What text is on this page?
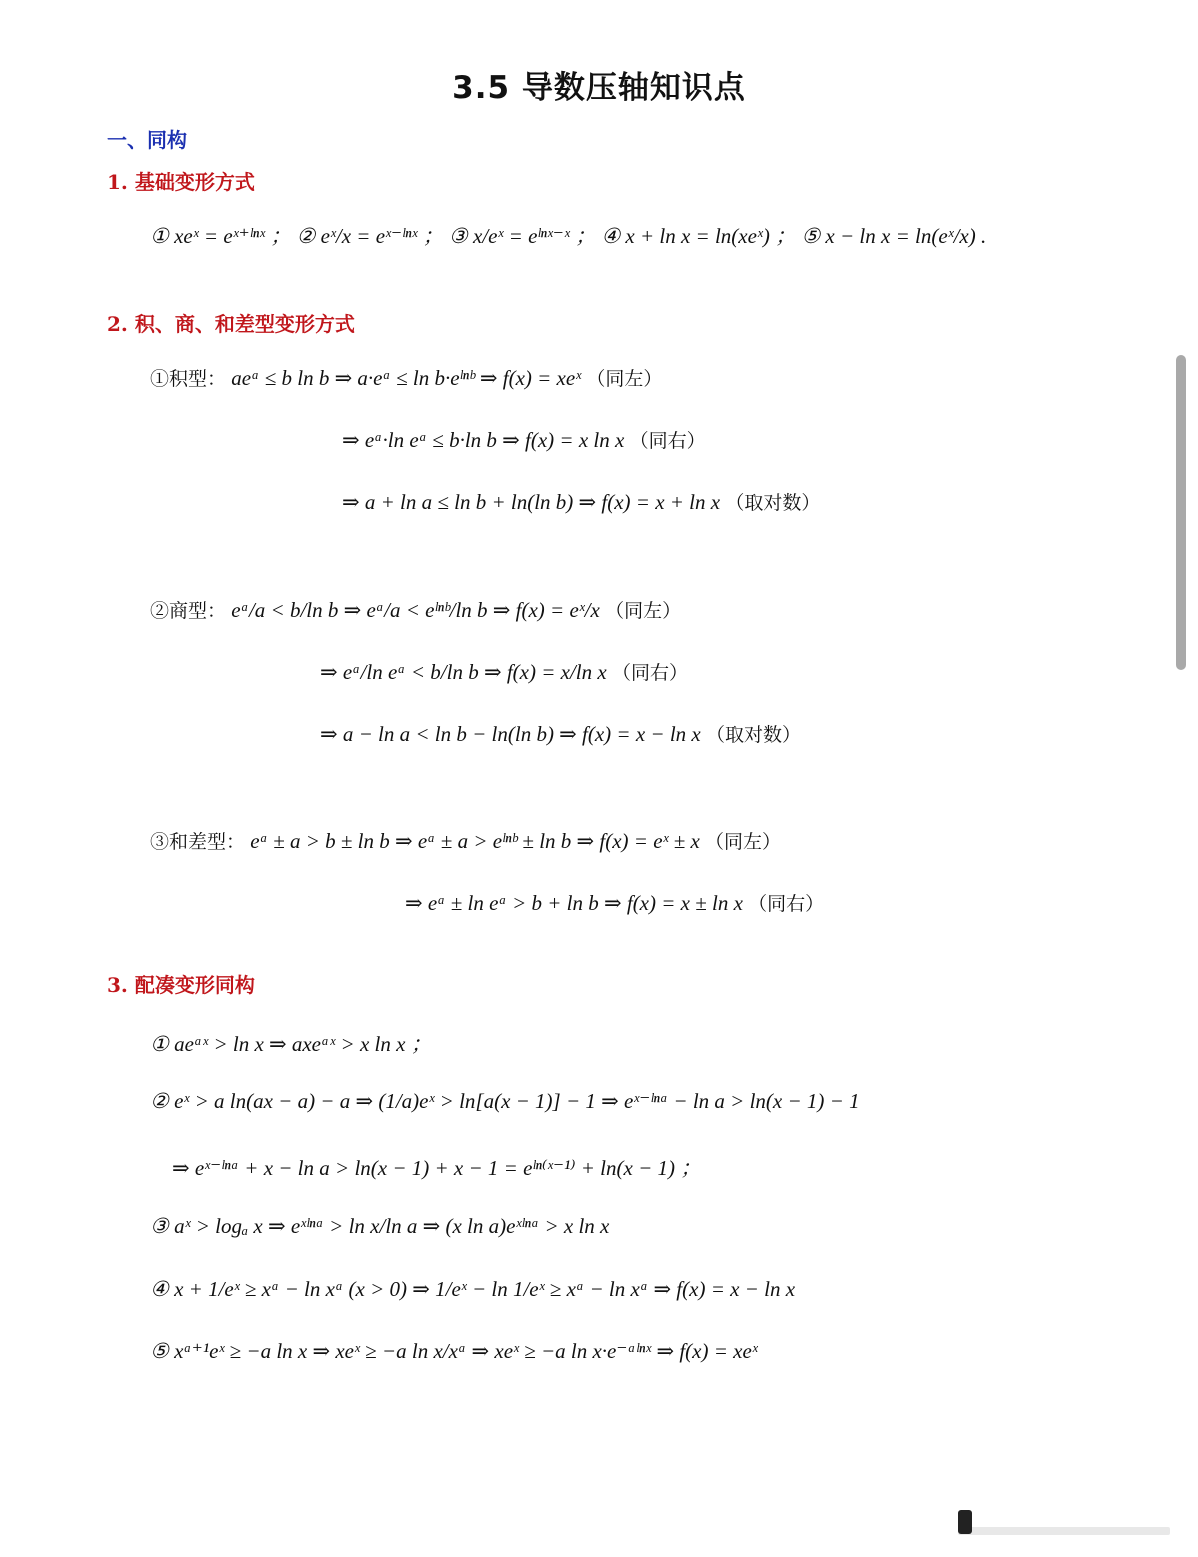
3.5 导数压轴知识点
一、同构
1. 基础变形方式
① xeˣ = eˣ⁺ˡⁿˣ ； ② eˣ/x = eˣ⁻ˡⁿˣ ； ③ x/eˣ = eˡⁿˣ⁻ˣ ； ④ x + ln x = ln(xeˣ) ； ⑤ x − ln x = ln(eˣ/x) .
2. 积、商、和差型变形方式
①积型： aeᵃ ≤ b ln b ⇒ a·eᵃ ≤ ln b·eˡⁿᵇ ⇒ f(x) = xeˣ （同左）
⇒ eᵃ·ln eᵃ ≤ b·ln b ⇒ f(x) = x ln x （同右）
⇒ a + ln a ≤ ln b + ln(ln b) ⇒ f(x) = x + ln x （取对数）
②商型： eᵃ/a < b/ln b ⇒ eᵃ/a < eˡⁿᵇ/ln b ⇒ f(x) = eˣ/x （同左）
⇒ eᵃ/ln eᵃ < b/ln b ⇒ f(x) = x/ln x （同右）
⇒ a − ln a < ln b − ln(ln b) ⇒ f(x) = x − ln x （取对数）
③和差型： eᵃ ± a > b ± ln b ⇒ eᵃ ± a > eˡⁿᵇ ± ln b ⇒ f(x) = eˣ ± x （同左）
⇒ eᵃ ± ln eᵃ > b + ln b ⇒ f(x) = x ± ln x （同右）
3. 配凑变形同构
① aeᵃˣ > ln x ⇒ axeᵃˣ > x ln x ；
② eˣ > a ln(ax − a) − a ⇒ (1/a)eˣ > ln[a(x − 1)] − 1 ⇒ eˣ⁻ˡⁿᵃ − ln a > ln(x − 1) − 1
⇒ eˣ⁻ˡⁿᵃ + x − ln a > ln(x − 1) + x − 1 = eˡⁿ⁽ˣ⁻¹⁾ + ln(x − 1) ；
③ aˣ > logₐ x ⇒ eˣˡⁿᵃ > ln x/ln a ⇒ (x ln a)eˣˡⁿᵃ > x ln x
④ x + 1/eˣ ≥ xᵃ − ln xᵃ (x > 0) ⇒ 1/eˣ − ln 1/eˣ ≥ xᵃ − ln xᵃ ⇒ f(x) = x − ln x
⑤ xᵃ⁺¹eˣ ≥ −a ln x ⇒ xeˣ ≥ −a ln x/xᵃ ⇒ xeˣ ≥ −a ln x·e⁻ᵃˡⁿˣ ⇒ f(x) = xeˣ
